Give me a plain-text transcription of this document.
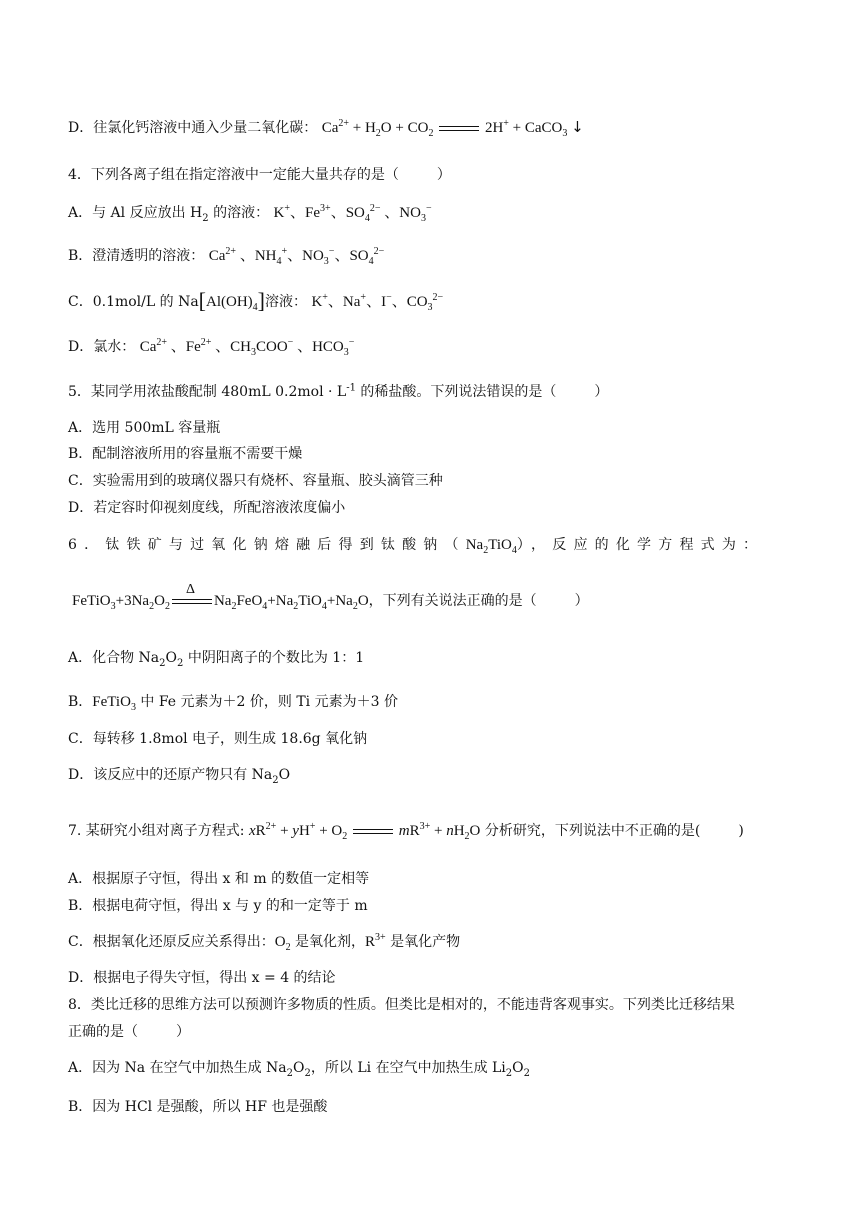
D．往氯化钙溶液中通入少量二氧化碳： $Ca^{2+} + H_2O + CO_2$	2H+ + CaCO$_3$ ↓
4．下列各离子组在指定溶液中一定能大量共存的是（	）
A．与 Al 反应放出 $H_2$ 的溶液： K+、$Fe^{3+}$、$SO_4^{2-}$ 、$NO_3^-$
B．澄清透明的溶液： $Ca^{2+}$ 、$NH_4^+$、$NO_3^-$、$SO_4^{2-}$
C．0.1mol/L 的 $Na[Al(OH)_4]$溶液： K+、Na+、I−、$CO_3^{2-}$
D．氯水： $Ca^{2+}$ 、$Fe^{2+}$ 、$CH_3COO^-$ 、$HCO_3^-$
5．某同学用浓盐酸配制 480mL $0.2mol \cdot L^{-1}$ 的稀盐酸。下列说法错误的是（	）
A．选用 500mL 容量瓶
B．配制溶液所用的容量瓶不需要干燥
C．实验需用到的玻璃仪器只有烧杯、容量瓶、胶头滴管三种
D．若定容时仰视刻度线，所配溶液浓度偏小
6．钛铁矿与过氧化钠熔融后得到钛酸钠$(Na_2TiO_4)$，反应的化学方程式为：
$FeTiO_3+3Na_2O_2$
Δ
$Na_2FeO_4+Na_2TiO_4+Na_2O$，下列有关说法正确的是（	）
A．化合物 $Na_2O_2$ 中阴阳离子的个数比为 1：1
B．FeTiO$_3$ 中 Fe 元素为＋2 价，则 Ti 元素为＋3 价
C．每转移 1.8mol 电子，则生成 18.6g 氧化钠
D．该反应中的还原产物只有 $Na_2O$
7. 某研究小组对离子方程式: $xR^{2+} + yH^+ + O_2$	$mR^{3+} + nH_2O$ 分析研究，下列说法中不正确的是(	)
A．根据原子守恒，得出 x 和 m 的数值一定相等
B．根据电荷守恒，得出 x 与 y 的和一定等于 m
C．根据氧化还原反应关系得出：$O_2$ 是氧化剂，$R^{3+}$ 是氧化产物
D．根据电子得失守恒，得出 x = 4 的结论
8．类比迁移的思维方法可以预测许多物质的性质。但类比是相对的，不能违背客观事实。下列类比迁移结果
正确的是（	）
A．因为 Na 在空气中加热生成 $Na_2O_2$，所以 Li 在空气中加热生成 $Li_2O_2$
B．因为 HCl 是强酸，所以 HF 也是强酸
